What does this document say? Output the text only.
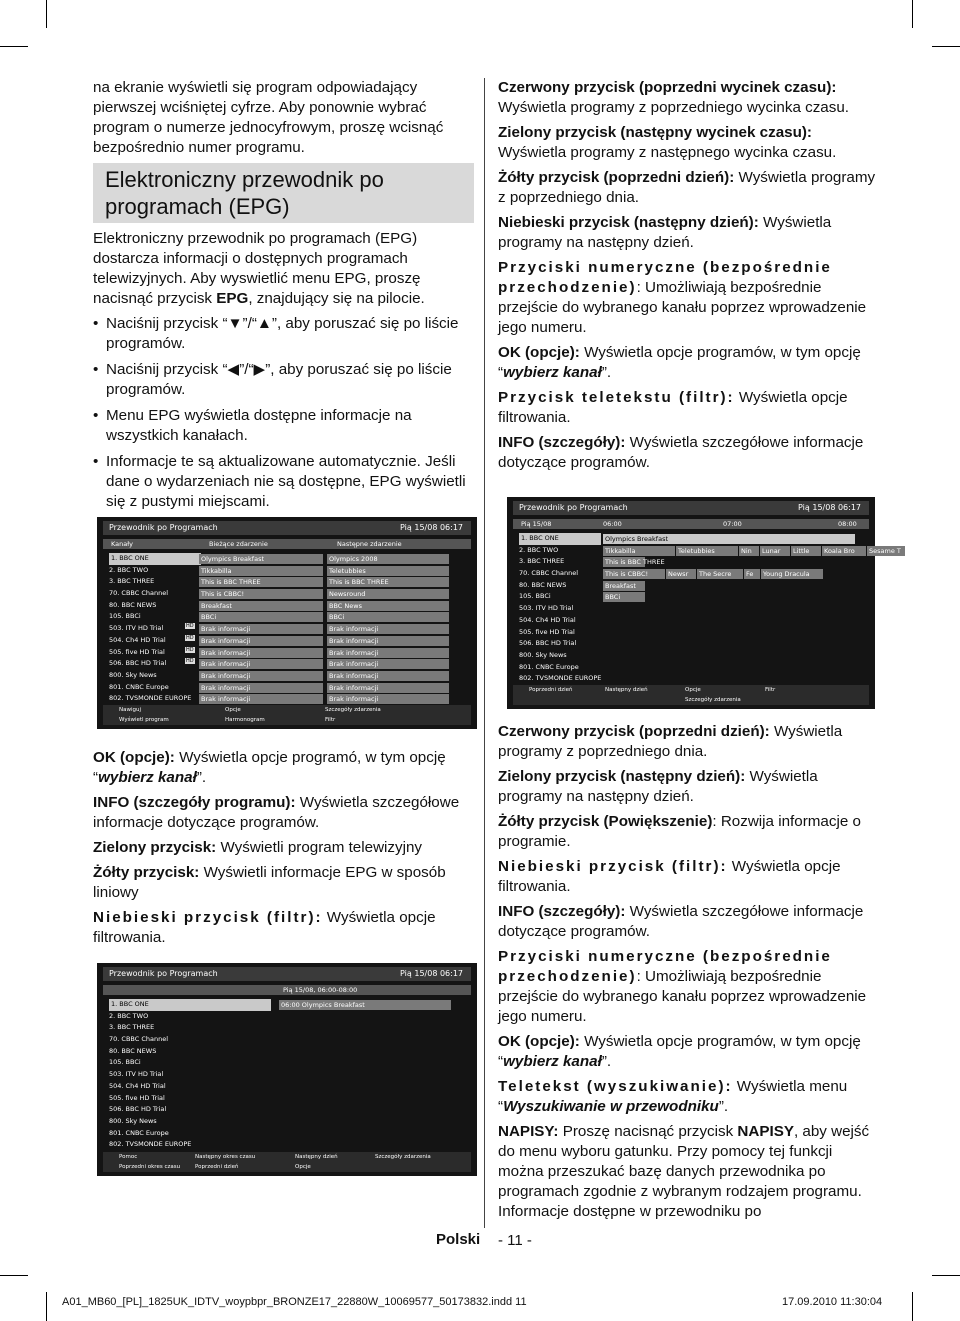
na ekranie wyświetli się program odpowiadający pierwszej wciśniętej cyfrze. Aby ponownie wybrać program o numerze jednocyfrowym, proszę wcisnąć bezpośrednio numer programu.

Elektroniczny przewodnik po programach (EPG)

Elektroniczny przewodnik po programach (EPG) dostarcza informacji o dostępnych programach telewizyjnych. Aby wyswietlić menu EPG, proszę nacisnąć przycisk EPG, znajdujący się na pilocie.

• Naciśnij przycisk “▼”/“▲”, aby poruszać się po liście programów.
• Naciśnij przycisk “◀”/“▶”, aby poruszać się po liście programów.
• Menu EPG wyświetla dostępne informacje na wszystkich kanałach.
• Informacje te są aktualizowane automatycznie. Jeśli dane o wydarzeniach nie są dostępne, EPG wyświetli się z pustymi miejscami.

Czerwony przycisk (poprzedni wycinek czasu): Wyświetla programy z poprzedniego wycinka czasu.

Zielony przycisk (następny wycinek czasu): Wyświetla programy z następnego wycinka czasu.

Żółty przycisk (poprzedni dzień): Wyświetla programy z poprzedniego dnia.

Niebieski przycisk (następny dzień): Wyświetla programy na następny dzień.

Przyciski numeryczne (bezpośrednie przechodzenie): Umożliwiają bezpośrednie przejście do wybranego kanału poprzez wprowadzenie jego numeru.

OK (opcje): Wyświetla opcje programów, w tym opcję “wybierz kanał”.

Przycisk teletekstu (filtr): Wyświetla opcje filtrowania.

INFO (szczegóły): Wyświetla szczegółowe informacje dotyczące programów.

Przewodnik po Programach	Pią 15/08 06:17
Kanały	Bieżące zdarzenie	Następne zdarzenie
1. BBC ONE	Olympics Breakfast	Olympics 2008
2. BBC TWO	Tikkabilla	Teletubbies
3. BBC THREE	This is BBC THREE	This is BBC THREE
70. CBBC Channel	This is CBBC!	Newsround
80. BBC NEWS	Breakfast	BBC News
105. BBCi	BBCi	BBCi
503. ITV HD Trial	HD	Brak informacji	Brak informacji
504. Ch4 HD Trial	HD	Brak informacji	Brak informacji
505. five HD Trial	HD	Brak informacji	Brak informacji
506. BBC HD Trial	HD	Brak informacji	Brak informacji
800. Sky News	Brak informacji	Brak informacji
801. CNBC Europe	Brak informacji	Brak informacji
802. TVSMONDE EUROPE	Brak informacji	Brak informacji
Nawiguj
Wyświetl program
Opcje
Harmonogram
Szczegóły zdarzenia
Filtr
Przewodnik po Programach	Pią 15/08 06:17
Pią 15/08	06:00	07:00	08:00
1. BBC ONE	Olympics Breakfast
2. BBC TWO	Tikkabilla	Teletubbies	Nin	Lunar	Little	Koala Bro	Sesame T
3. BBC THREE	This is BBC THREE
70. CBBC Channel	This is CBBC!	Newsr	The Secre	Fe	Young Dracula
80. BBC NEWS	Breakfast
105. BBCi	BBCi
503. ITV HD Trial
504. Ch4 HD Trial
505. five HD Trial
506. BBC HD Trial
800. Sky News
801. CNBC Europe
802. TVSMONDE EUROPE
Poprzedni dzień	Następny dzień	Opcje
Szczegóły zdarzenia
Filtr

OK (opcje): Wyświetla opcje programó, w tym opcję “wybierz kanał”.

INFO (szczegóły programu): Wyświetla szczegółowe informacje dotyczące programów.

Zielony przycisk: Wyświetli program telewizyjny

Żółty przycisk: Wyświetli informacje EPG w sposób liniowy

Niebieski przycisk (filtr): Wyświetla opcje filtrowania.

Przewodnik po Programach	Pią 15/08 06:17
Pią 15/08, 06:00-08:00
1. BBC ONE	06:00 Olympics Breakfast
2. BBC TWO
3. BBC THREE
70. CBBC Channel
80. BBC NEWS
105. BBCi
503. ITV HD Trial
504. Ch4 HD Trial
505. five HD Trial
506. BBC HD Trial
800. Sky News
801. CNBC Europe
802. TVSMONDE EUROPE
Pomoc
Poprzedni okres czasu
Następny okres czasu
Poprzedni dzień
Następny dzień
Opcje
Szczegóły zdarzenia

Czerwony przycisk (poprzedni dzień): Wyświetla programy z poprzedniego dnia.

Zielony przycisk (następny dzień): Wyświetla programy na następny dzień.

Żółty przycisk (Powiększenie): Rozwija informacje o programie.

Niebieski przycisk (filtr): Wyświetla opcje filtrowania.

INFO (szczegóły): Wyświetla szczegółowe informacje dotyczące programów.

Przyciski numeryczne (bezpośrednie przechodzenie): Umożliwiają bezpośrednie przejście do wybranego kanału poprzez wprowadzenie jego numeru.

OK (opcje): Wyświetla opcje programów, w tym opcję “wybierz kanał”.

Teletekst (wyszukiwanie): Wyświetla menu “Wyszukiwanie w przewodniku”.

NAPISY: Proszę nacisnąć przycisk NAPISY, aby wejść do menu wyboru gatunku. Przy pomocy tej funkcji można przeszukać bazę danych przewodnika po programach zgodnie z wybranym rodzajem programu. Informacje dostępne w przewodniku po

Polski - 11 -
A01_MB60_[PL]_1825UK_IDTV_woypbpr_BRONZE17_22880W_10069577_50173832.indd 11	17.09.2010 11:30:04
